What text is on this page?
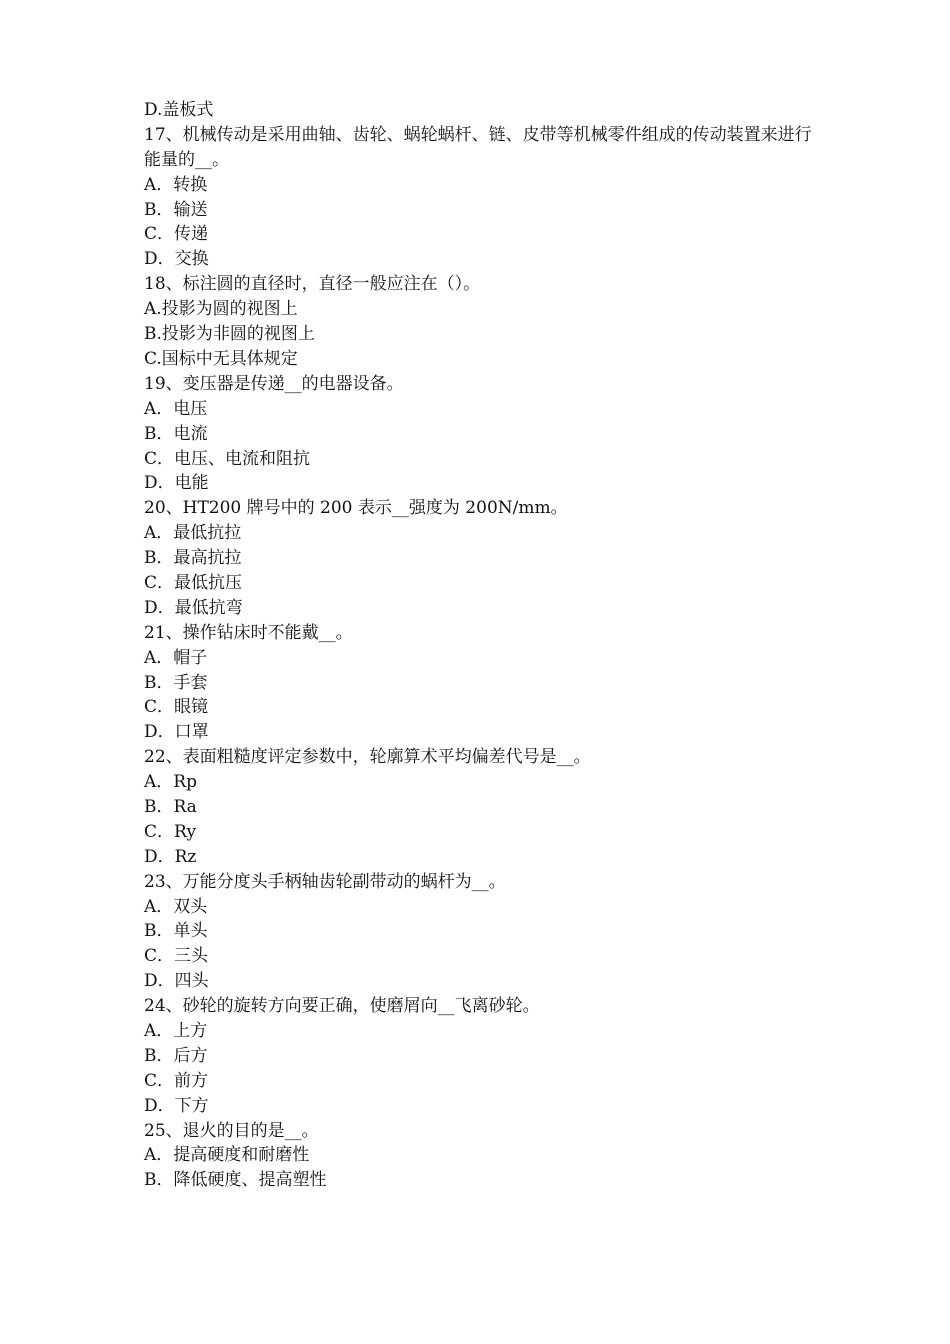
D.盖板式
17、机械传动是采用曲轴、齿轮、蜗轮蜗杆、链、皮带等机械零件组成的传动装置来进行能量的__。
A．转换
B．输送
C．传递
D．交换
18、标注圆的直径时，直径一般应注在（）。
A.投影为圆的视图上
B.投影为非圆的视图上
C.国标中无具体规定
19、变压器是传递__的电器设备。
A．电压
B．电流
C．电压、电流和阻抗
D．电能
20、HT200 牌号中的 200 表示__强度为 200N/mm。
A．最低抗拉
B．最高抗拉
C．最低抗压
D．最低抗弯
21、操作钻床时不能戴__。
A．帽子
B．手套
C．眼镜
D．口罩
22、表面粗糙度评定参数中，轮廓算术平均偏差代号是__。
A．Rp
B．Ra
C．Ry
D．Rz
23、万能分度头手柄轴齿轮副带动的蜗杆为__。
A．双头
B．单头
C．三头
D．四头
24、砂轮的旋转方向要正确，使磨屑向__飞离砂轮。
A．上方
B．后方
C．前方
D．下方
25、退火的目的是__。
A．提高硬度和耐磨性
B．降低硬度、提高塑性
